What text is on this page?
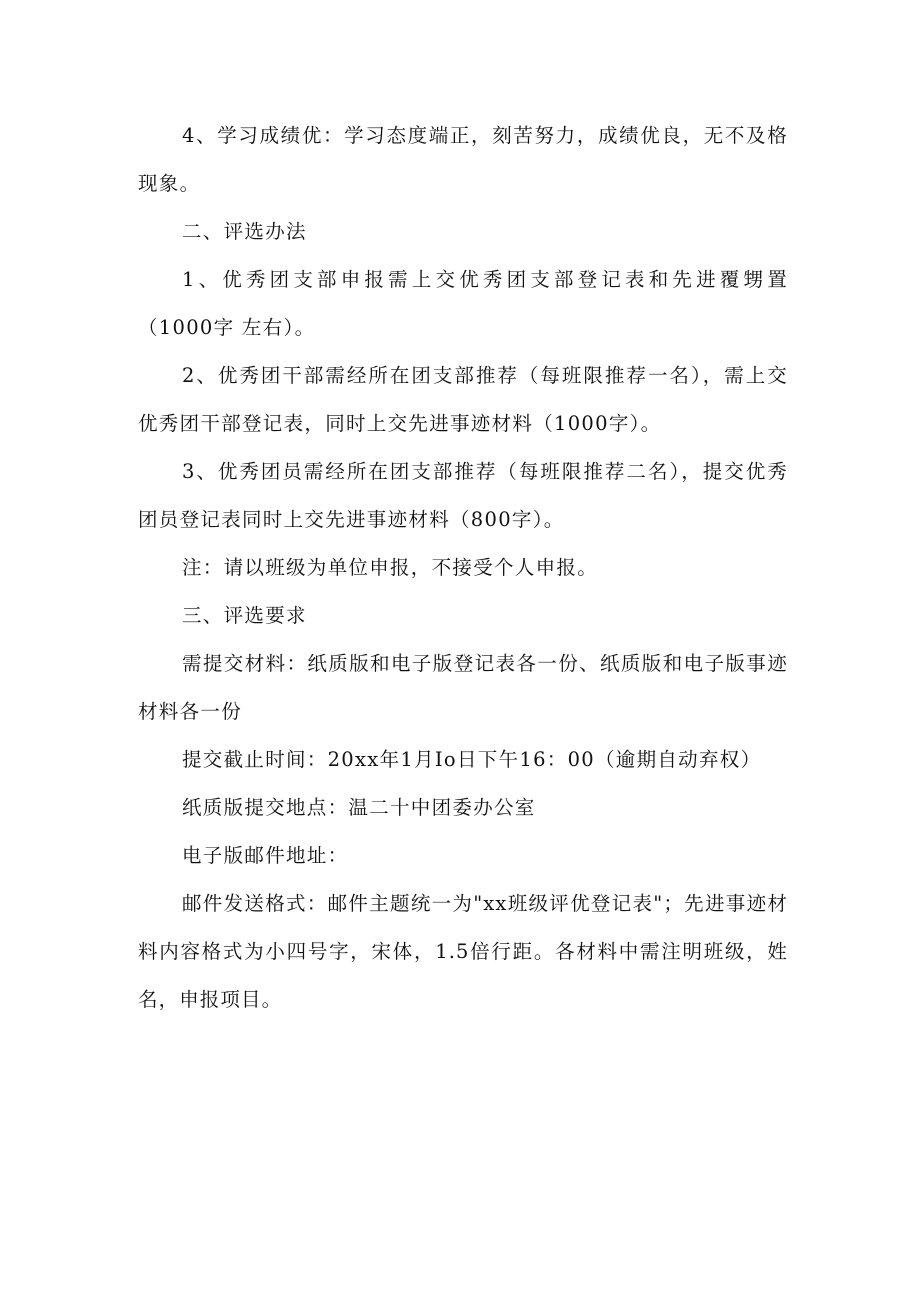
4、学习成绩优：学习态度端正，刻苦努力，成绩优良，无不及格现象。

二、评选办法

1、优秀团支部申报需上交优秀团支部登记表和先进覆甥置（1000字 左右）。

2、优秀团干部需经所在团支部推荐（每班限推荐一名），需上交优秀团干部登记表，同时上交先进事迹材料（1000字）。

3、优秀团员需经所在团支部推荐（每班限推荐二名），提交优秀团员登记表同时上交先进事迹材料（800字）。

注：请以班级为单位申报，不接受个人申报。

三、评选要求

需提交材料：纸质版和电子版登记表各一份、纸质版和电子版事迹材料各一份

提交截止时间：20xx年1月Io日下午16：00（逾期自动弃权）

纸质版提交地点：温二十中团委办公室

电子版邮件地址：

邮件发送格式：邮件主题统一为"xx班级评优登记表"；先进事迹材料内容格式为小四号字，宋体，1.5倍行距。各材料中需注明班级，姓名，申报项目。
